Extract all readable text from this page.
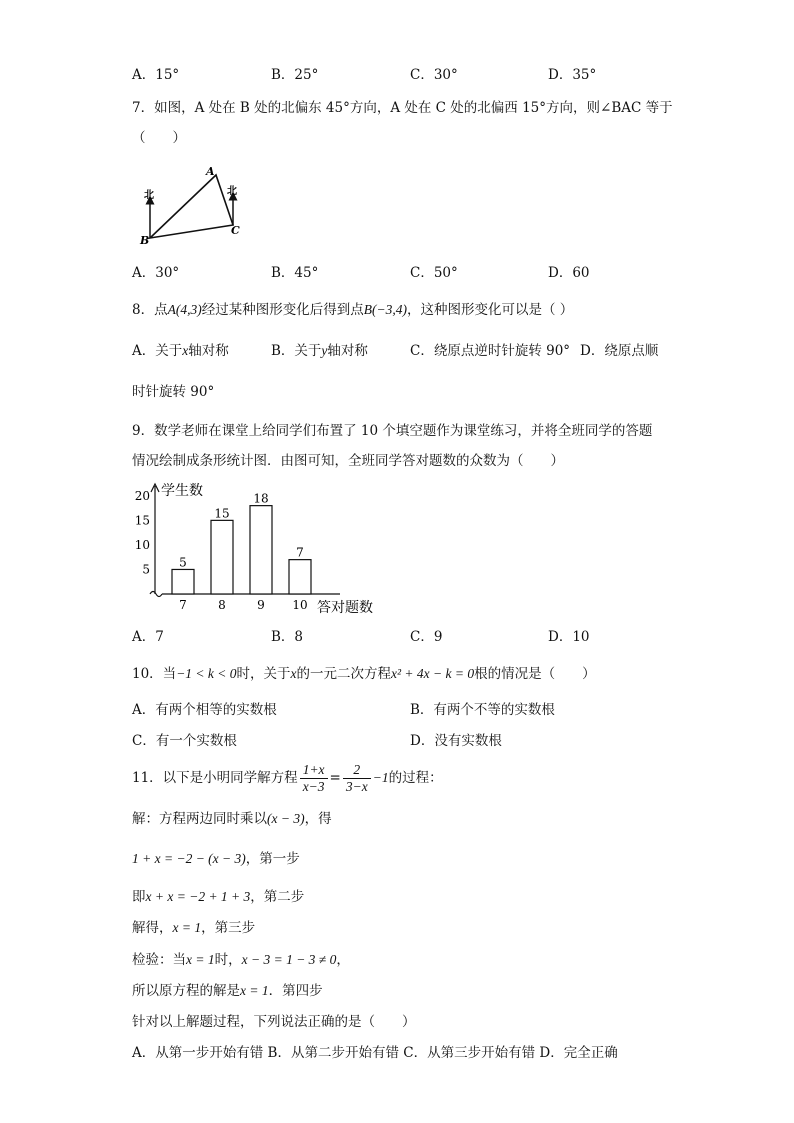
A．15°	B．25°	C．30°	D．35°
7．如图，A 处在 B 处的北偏东 45°方向，A 处在 C 处的北偏西 15°方向，则∠BAC 等于
（　　）
北	北
A
B
C
A．30°	B．45°	C．50°	D．60
8．点A(4,3)经过某种图形变化后得到点B(−3,4)，这种图形变化可以是（ ）
A．关于x轴对称	B．关于y轴对称	C．绕原点逆时针旋转 90° D．绕原点顺
时针旋转 90°
9．数学老师在课堂上给同学们布置了 10 个填空题作为课堂练习，并将全班同学的答题
情况绘制成条形统计图．由图可知，全班同学答对题数的众数为（　　）
学生数
答对题数
5
10
15
20
5
7
15
8
18
9
7
10
A．7	B．8	C．9	D．10
10．当−1 < k < 0时，关于x的一元二次方程x² + 4x − k = 0根的情况是（　　）
A．有两个相等的实数根	B．有两个不等的实数根
C．有一个实数根	D．没有实数根
11．以下是小明同学解方程 $\frac{1+x}{x-3} = \frac{2}{3-x} -1$的过程：
解：方程两边同时乘以(x − 3)，得
1 + x = −2 − (x − 3)，第一步
即x + x = −2 + 1 + 3，第二步
解得，x = 1，第三步
检验：当x = 1时，x − 3 = 1 − 3 ≠ 0，
所以原方程的解是x = 1．第四步
针对以上解题过程，下列说法正确的是（　　）
A．从第一步开始有错 B．从第二步开始有错 C．从第三步开始有错 D．完全正确
